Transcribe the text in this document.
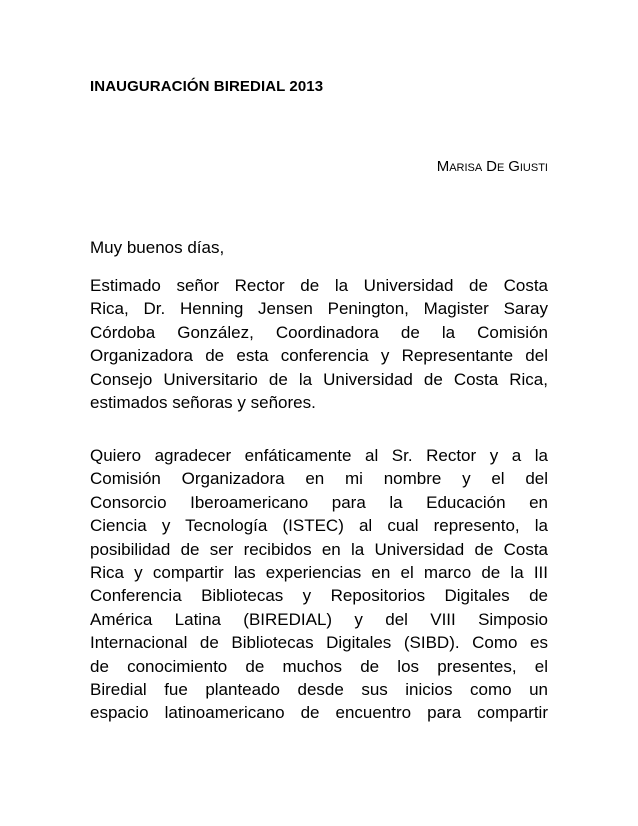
INAUGURACIÓN BIREDIAL 2013
MARISA DE GIUSTI
Muy buenos días,
Estimado señor Rector de la Universidad de Costa
Rica, Dr. Henning Jensen Penington, Magister Saray
Córdoba González, Coordinadora de la Comisión
Organizadora de esta conferencia y Representante del
Consejo Universitario de la Universidad de Costa Rica,
estimados señoras y señores.
Quiero agradecer enfáticamente al Sr. Rector y a la
Comisión Organizadora en mi nombre y el del
Consorcio Iberoamericano para la Educación en
Ciencia y Tecnología (ISTEC) al cual represento, la
posibilidad de ser recibidos en la Universidad de Costa
Rica y compartir las experiencias en el marco de la III
Conferencia Bibliotecas y Repositorios Digitales de
América Latina (BIREDIAL) y del VIII Simposio
Internacional de Bibliotecas Digitales (SIBD). Como es
de conocimiento de muchos de los presentes, el
Biredial fue planteado desde sus inicios como un
espacio latinoamericano de encuentro para compartir
